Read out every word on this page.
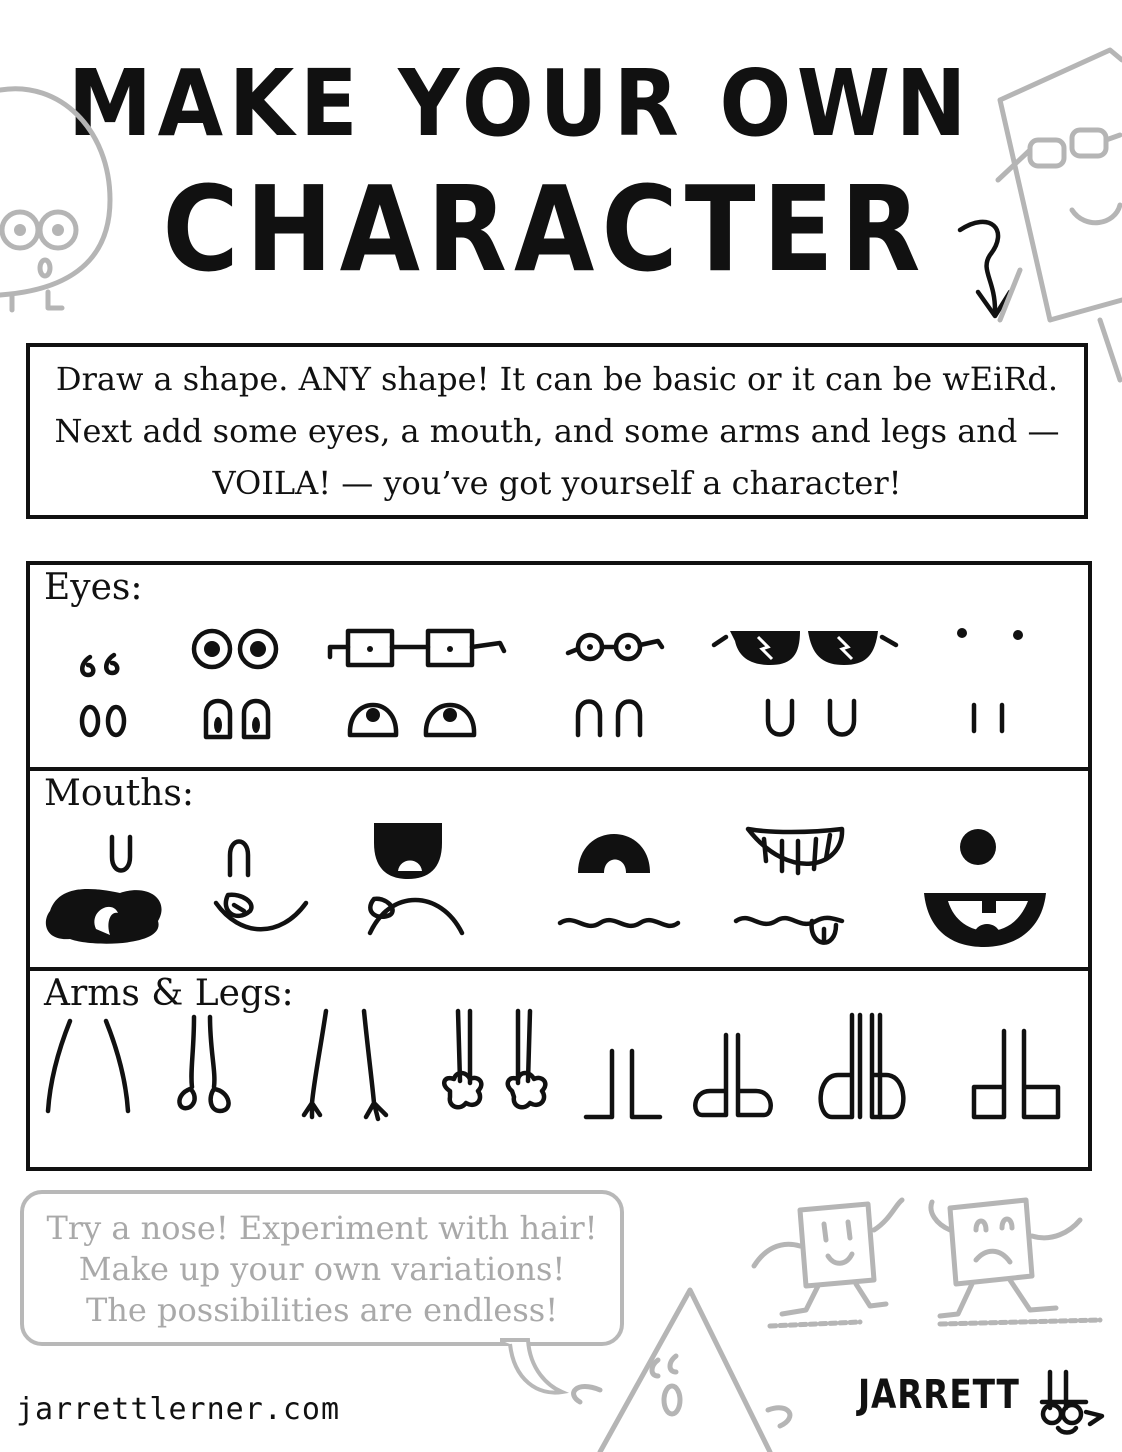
MAKE YOUR OWN
CHARACTER
Draw a shape. ANY shape! It can be basic or it can be wEiRd. Next add some eyes, a mouth, and some arms and legs and — VOILA! — you’ve got yourself a character!
Eyes:
Mouths:
Arms & Legs:
Try a nose! Experiment with hair!
Make up your own variations!
The possibilities are endless!
jarrettlerner.com	JARRETT
